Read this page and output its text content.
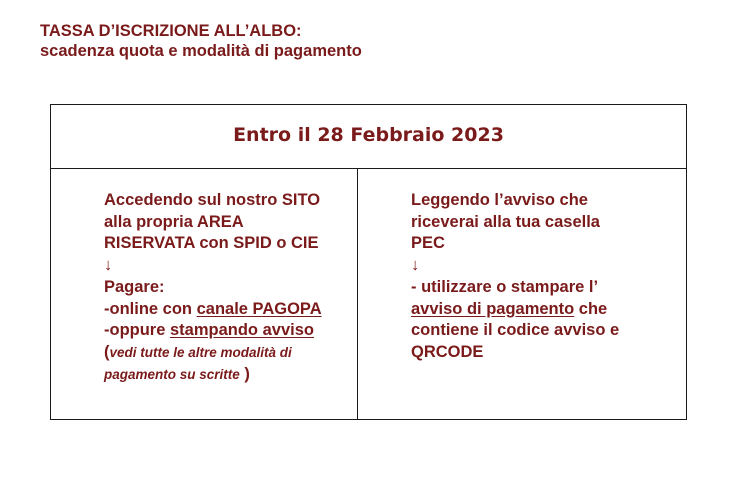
TASSA D’ISCRIZIONE ALL’ALBO:
scadenza quota e modalità di pagamento
Entro il 28 Febbraio 2023

Accedendo sul nostro SITO

alla propria AREA

RISERVATA con SPID o CIE

↓

Pagare:

-online con canale PAGOPA

-oppure stampando avviso

(vedi tutte le altre modalità di

pagamento su scritte )

Leggendo l’avviso che

riceverai alla tua casella

PEC

↓

- utilizzare o stampare l’

avviso di pagamento che

contiene il codice avviso e

QRCODE
